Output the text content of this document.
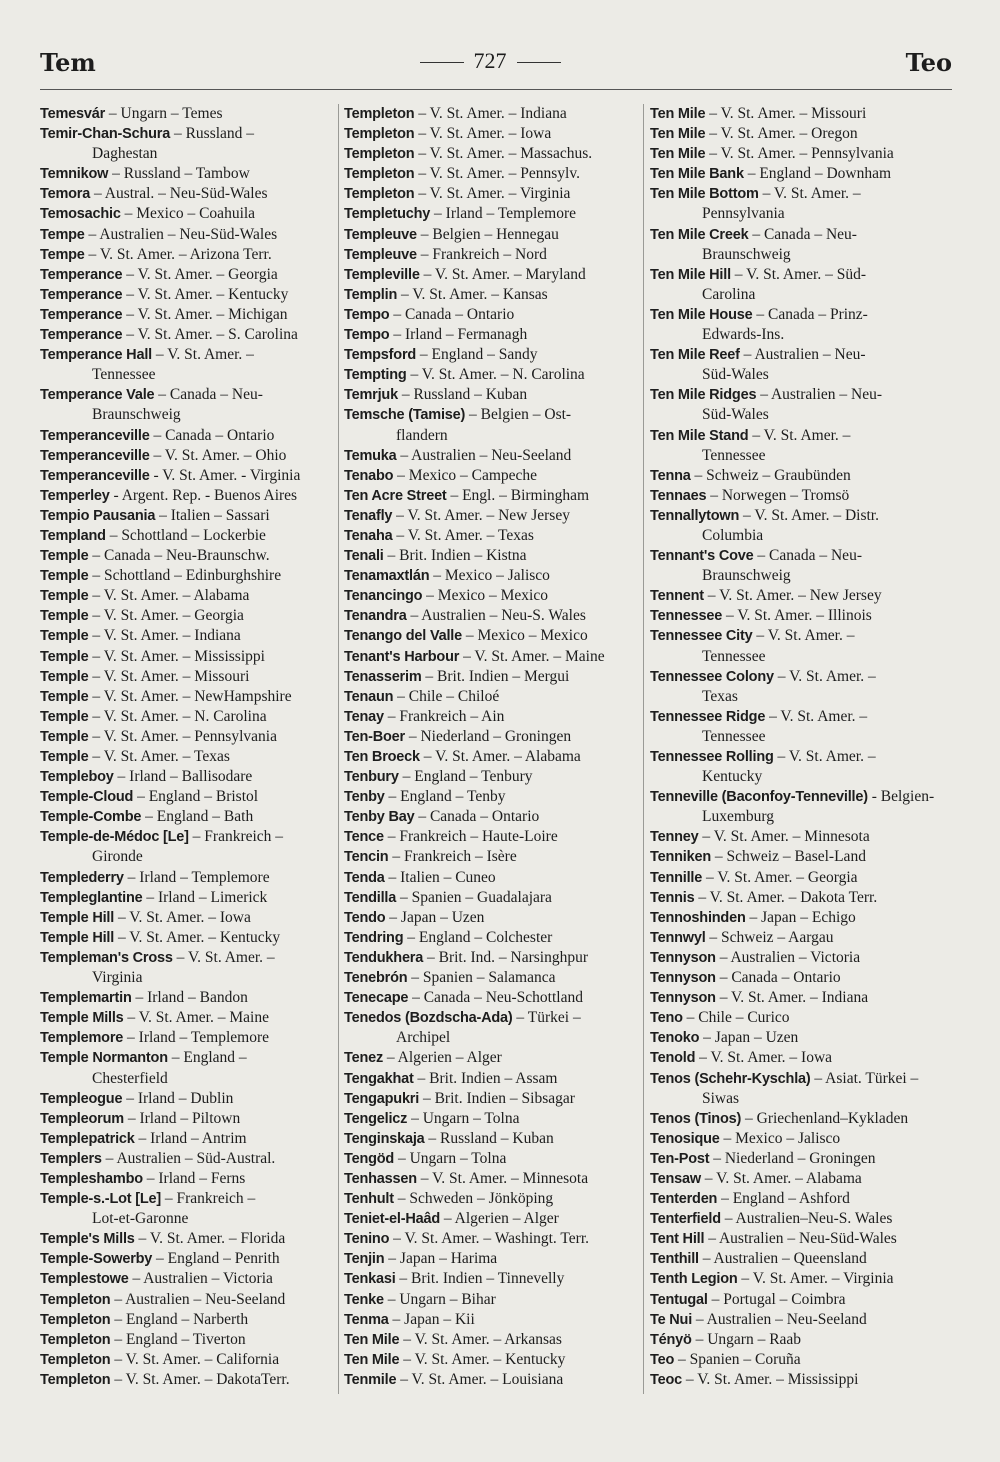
Tem	727	Teo

Temesvár – Ungarn – Temes

Temir-Chan-Schura – Russland –
Daghestan

Temnikow – Russland – Tambow

Temora – Austral. – Neu-Süd-Wales

Temosachic – Mexico – Coahuila

Tempe – Australien – Neu-Süd-Wales

Tempe – V. St. Amer. – Arizona Terr.

Temperance – V. St. Amer. – Georgia

Temperance – V. St. Amer. – Kentucky

Temperance – V. St. Amer. – Michigan

Temperance – V. St. Amer. – S. Carolina

Temperance Hall – V. St. Amer. –
Tennessee

Temperance Vale – Canada – Neu-
Braunschweig

Temperanceville – Canada – Ontario

Temperanceville – V. St. Amer. – Ohio

Temperanceville - V. St. Amer. - Virginia

Temperley - Argent. Rep. - Buenos Aires

Tempio Pausania – Italien – Sassari

Templand – Schottland – Lockerbie

Temple – Canada – Neu-Braunschw.

Temple – Schottland – Edinburghshire

Temple – V. St. Amer. – Alabama

Temple – V. St. Amer. – Georgia

Temple – V. St. Amer. – Indiana

Temple – V. St. Amer. – Mississippi

Temple – V. St. Amer. – Missouri

Temple – V. St. Amer. – NewHampshire

Temple – V. St. Amer. – N. Carolina

Temple – V. St. Amer. – Pennsylvania

Temple – V. St. Amer. – Texas

Templeboy – Irland – Ballisodare

Temple-Cloud – England – Bristol

Temple-Combe – England – Bath

Temple-de-Médoc [Le] – Frankreich –
Gironde

Templederry – Irland – Templemore

Templeglantine – Irland – Limerick

Temple Hill – V. St. Amer. – Iowa

Temple Hill – V. St. Amer. – Kentucky

Templeman's Cross – V. St. Amer. –
Virginia

Templemartin – Irland – Bandon

Temple Mills – V. St. Amer. – Maine

Templemore – Irland – Templemore

Temple Normanton – England –
Chesterfield

Templeogue – Irland – Dublin

Templeorum – Irland – Piltown

Templepatrick – Irland – Antrim

Templers – Australien – Süd-Austral.

Templeshambo – Irland – Ferns

Temple-s.-Lot [Le] – Frankreich –
Lot-et-Garonne

Temple's Mills – V. St. Amer. – Florida

Temple-Sowerby – England – Penrith

Templestowe – Australien – Victoria

Templeton – Australien – Neu-Seeland

Templeton – England – Narberth

Templeton – England – Tiverton

Templeton – V. St. Amer. – California

Templeton – V. St. Amer. – DakotaTerr.

Templeton – V. St. Amer. – Indiana

Templeton – V. St. Amer. – Iowa

Templeton – V. St. Amer. – Massachus.

Templeton – V. St. Amer. – Pennsylv.

Templeton – V. St. Amer. – Virginia

Templetuchy – Irland – Templemore

Templeuve – Belgien – Hennegau

Templeuve – Frankreich – Nord

Templeville – V. St. Amer. – Maryland

Templin – V. St. Amer. – Kansas

Tempo – Canada – Ontario

Tempo – Irland – Fermanagh

Tempsford – England – Sandy

Tempting – V. St. Amer. – N. Carolina

Temrjuk – Russland – Kuban

Temsche (Tamise) – Belgien – Ost-
flandern

Temuka – Australien – Neu-Seeland

Tenabo – Mexico – Campeche

Ten Acre Street – Engl. – Birmingham

Tenafly – V. St. Amer. – New Jersey

Tenaha – V. St. Amer. – Texas

Tenali – Brit. Indien – Kistna

Tenamaxtlán – Mexico – Jalisco

Tenancingo – Mexico – Mexico

Tenandra – Australien – Neu-S. Wales

Tenango del Valle – Mexico – Mexico

Tenant's Harbour – V. St. Amer. – Maine

Tenasserim – Brit. Indien – Mergui

Tenaun – Chile – Chiloé

Tenay – Frankreich – Ain

Ten-Boer – Niederland – Groningen

Ten Broeck – V. St. Amer. – Alabama

Tenbury – England – Tenbury

Tenby – England – Tenby

Tenby Bay – Canada – Ontario

Tence – Frankreich – Haute-Loire

Tencin – Frankreich – Isère

Tenda – Italien – Cuneo

Tendilla – Spanien – Guadalajara

Tendo – Japan – Uzen

Tendring – England – Colchester

Tendukhera – Brit. Ind. – Narsinghpur

Tenebrón – Spanien – Salamanca

Tenecape – Canada – Neu-Schottland

Tenedos (Bozdscha-Ada) – Türkei –
Archipel

Tenez – Algerien – Alger

Tengakhat – Brit. Indien – Assam

Tengapukri – Brit. Indien – Sibsagar

Tengelicz – Ungarn – Tolna

Tenginskaja – Russland – Kuban

Tengöd – Ungarn – Tolna

Tenhassen – V. St. Amer. – Minnesota

Tenhult – Schweden – Jönköping

Teniet-el-Haâd – Algerien – Alger

Tenino – V. St. Amer. – Washingt. Terr.

Tenjin – Japan – Harima

Tenkasi – Brit. Indien – Tinnevelly

Tenke – Ungarn – Bihar

Tenma – Japan – Kii

Ten Mile – V. St. Amer. – Arkansas

Ten Mile – V. St. Amer. – Kentucky

Tenmile – V. St. Amer. – Louisiana

Ten Mile – V. St. Amer. – Missouri

Ten Mile – V. St. Amer. – Oregon

Ten Mile – V. St. Amer. – Pennsylvania

Ten Mile Bank – England – Downham

Ten Mile Bottom – V. St. Amer. –
Pennsylvania

Ten Mile Creek – Canada – Neu-
Braunschweig

Ten Mile Hill – V. St. Amer. – Süd-
Carolina

Ten Mile House – Canada – Prinz-
Edwards-Ins.

Ten Mile Reef – Australien – Neu-
Süd-Wales

Ten Mile Ridges – Australien – Neu-
Süd-Wales

Ten Mile Stand – V. St. Amer. –
Tennessee

Tenna – Schweiz – Graubünden

Tennaes – Norwegen – Tromsö

Tennallytown – V. St. Amer. – Distr.
Columbia

Tennant's Cove – Canada – Neu-
Braunschweig

Tennent – V. St. Amer. – New Jersey

Tennessee – V. St. Amer. – Illinois

Tennessee City – V. St. Amer. –
Tennessee

Tennessee Colony – V. St. Amer. –
Texas

Tennessee Ridge – V. St. Amer. –
Tennessee

Tennessee Rolling – V. St. Amer. –
Kentucky

Tenneville (Baconfoy-Tenneville) - Belgien-
Luxemburg

Tenney – V. St. Amer. – Minnesota

Tenniken – Schweiz – Basel-Land

Tennille – V. St. Amer. – Georgia

Tennis – V. St. Amer. – Dakota Terr.

Tennoshinden – Japan – Echigo

Tennwyl – Schweiz – Aargau

Tennyson – Australien – Victoria

Tennyson – Canada – Ontario

Tennyson – V. St. Amer. – Indiana

Teno – Chile – Curico

Tenoko – Japan – Uzen

Tenold – V. St. Amer. – Iowa

Tenos (Schehr-Kyschla) – Asiat. Türkei –
Siwas

Tenos (Tinos) – Griechenland–Kykladen

Tenosique – Mexico – Jalisco

Ten-Post – Niederland – Groningen

Tensaw – V. St. Amer. – Alabama

Tenterden – England – Ashford

Tenterfield – Australien–Neu-S. Wales

Tent Hill – Australien – Neu-Süd-Wales

Tenthill – Australien – Queensland

Tenth Legion – V. St. Amer. – Virginia

Tentugal – Portugal – Coimbra

Te Nui – Australien – Neu-Seeland

Tényö – Ungarn – Raab

Teo – Spanien – Coruña

Teoc – V. St. Amer. – Mississippi
